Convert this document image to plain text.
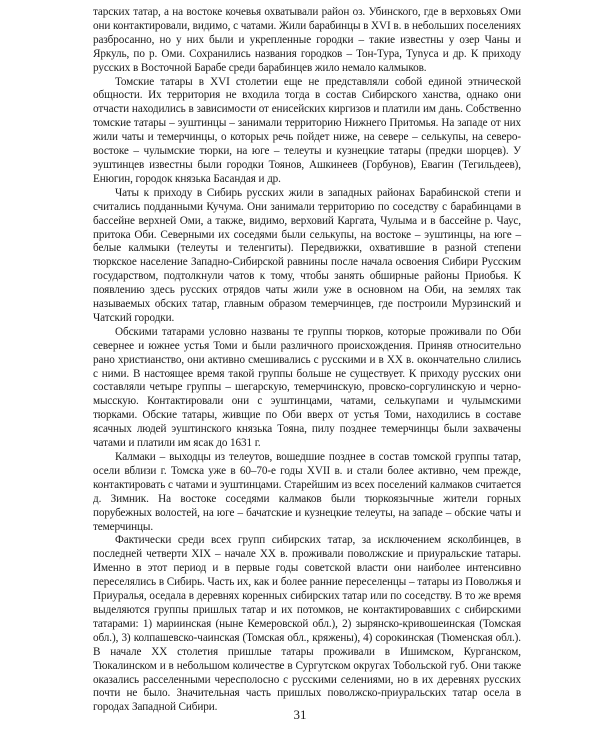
тарских татар, а на востоке кочевья охватывали район оз. Убинского, где в верховьях Оми они контактировали, видимо, с чатами. Жили барабинцы в XVI в. в небольших поселениях разбросанно, но у них были и укрепленные городки – такие известны у озер Чаны и Яркуль, по р. Оми. Сохранились названия городков – Тон-Тура, Туnуса и др. К приходу русских в Восточной Барабе среди барабинцев жило немало калмыков.

Томские татары в XVI столетии еще не представляли собой единой этнической общности. Их территория не входила тогда в состав Сибирского ханства, однако они отчасти находились в зависимости от енисейских киргизов и платили им дань. Собственно томские татары – эуштинцы – занимали территорию Нижнего Притомья. На западе от них жили чаты и темерчинцы, о которых речь пойдет ниже, на севере – селькупы, на северо-востоке – чулымские тюрки, на юге – телеуты и кузнецкие татары (предки шорцев). У эуштинцев известны были городки Тоянов, Ашкинеев (Горбунов), Евагин (Тегильдеев), Енюгин, городок князька Басандая и др.

Чаты к приходу в Сибирь русских жили в западных районах Барабинской степи и считались подданными Кучума. Они занимали территорию по соседству с барабинцами в бассейне верхней Оми, а также, видимо, верховий Каргата, Чулыма и в бассейне р. Чаус, притока Оби. Северными их соседями были селькупы, на востоке – эуштинцы, на юге – белые калмыки (телеуты и теленгиты). Передвижки, охватившие в разной степени тюркское население Западно-Сибирской равнины после начала освоения Сибири Русским государством, подтолкнули чатов к тому, чтобы занять обширные районы Приобья. К появлению здесь русских отрядов чаты жили уже в основном на Оби, на землях так называемых обских татар, главным образом темерчинцев, где построили Мурзинский и Чатский городки.

Обскими татарами условно названы те группы тюрков, которые проживали по Оби севернее и южнее устья Томи и были различного происхождения. Приняв относительно рано христианство, они активно смешивались с русскими и в XX в. окончательно слились с ними. В настоящее время такой группы больше не существует. К приходу русских они составляли четыре группы – шегарскую, темерчинскую, провско-соргулинскую и черно-мысскую. Контактировали они с эуштинцами, чатами, селькупами и чулымскими тюрками. Обские татары, живщие по Оби вверх от устья Томи, находились в составе ясачных людей эуштинского князька Тояна, пилу позднее темерчинцы были захвачены чатами и платили им ясак до 1631 г.

Калмаки – выходцы из телеутов, вошедшие позднее в состав томской группы татар, осели вблизи г. Томска уже в 60–70-е годы XVII в. и стали более активно, чем прежде, контактировать с чатами и эуштинцами. Старейшим из всех поселений калмаков считается д. Зимник. На востоке соседями калмаков были тюркоязычные жители горных порубежных волостей, на юге – бачатские и кузнецкие телеуты, на западе – обские чаты и темерчинцы.

Фактически среди всех групп сибирских татар, за исключением ясколбинцев, в последней четверти XIX – начале XX в. проживали поволжские и приуральские татары. Именно в этот период и в первые годы советской власти они наиболее интенсивно переселялись в Сибирь. Часть их, как и более ранние переселенцы – татары из Поволжья и Приуралья, оседала в деревнях коренных сибирских татар или по соседству. В то же время выделяются группы пришлых татар и их потомков, не контактировавших с сибирскими татарами: 1) мариинская (ныне Кемеровской обл.), 2) зырянско-кривошеинская (Томская обл.), 3) колпашевско-чаинская (Томская обл., кряжены), 4) сорокинская (Тюменская обл.). В начале XX столетия пришлые татары проживали в Ишимском, Курганском, Тюкалинском и в небольшом количестве в Сургутском округах Тобольской губ. Они также оказались расселенными чересполосно с русскими селениями, но в их деревнях русских почти не было. Значительная часть пришлых поволжско-приуральских татар осела в городах Западной Сибири.	31
